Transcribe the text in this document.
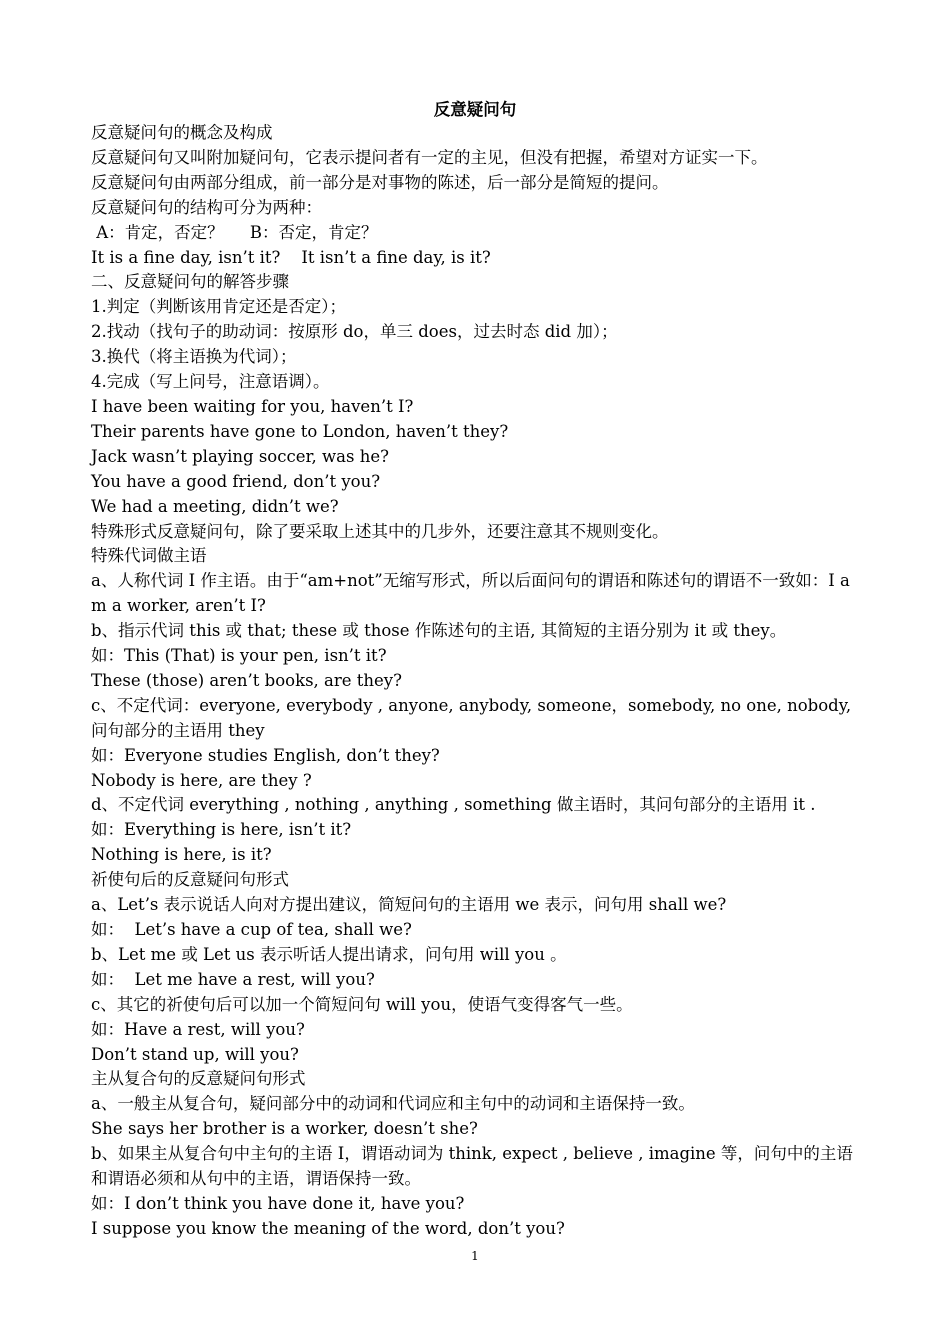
反意疑问句

反意疑问句的概念及构成

反意疑问句又叫附加疑问句，它表示提问者有一定的主见，但没有把握，希望对方证实一下。

反意疑问句由两部分组成，前一部分是对事物的陈述，后一部分是简短的提问。

反意疑问句的结构可分为两种：

A：肯定，否定？     B：否定，肯定？

It is a fine day, isn’t it?    It isn’t a fine day, is it?

二、反意疑问句的解答步骤

1.判定（判断该用肯定还是否定）；

2.找动（找句子的助动词：按原形 do，单三 does，过去时态 did 加）；

3.换代（将主语换为代词）；

4.完成（写上问号，注意语调）。

I have been waiting for you, haven’t I?

Their parents have gone to London, haven’t they?

Jack wasn’t playing soccer, was he?

You have a good friend, don’t you?

We had a meeting, didn’t we?

特殊形式反意疑问句，除了要采取上述其中的几步外，还要注意其不规则变化。

特殊代词做主语

a、人称代词 I 作主语。由于“am+not”无缩写形式，所以后面问句的谓语和陈述句的谓语不一致如：I am a worker, aren’t I?

b、指示代词 this 或 that; these 或 those 作陈述句的主语, 其简短的主语分别为 it 或 they。

如：This (That) is your pen, isn’t it?

These (those) aren’t books, are they?

c、不定代词：everyone, everybody , anyone, anybody, someone，somebody, no one, nobody,问句部分的主语用 they

如：Everyone studies English, don’t they?

Nobody is here, are they ?

d、不定代词 everything , nothing , anything , something 做主语时，其问句部分的主语用 it .

如：Everything is here, isn’t it?

Nothing is here, is it?

祈使句后的反意疑问句形式

a、Let’s 表示说话人向对方提出建议，简短问句的主语用 we 表示，问句用 shall we?

如：  Let’s have a cup of tea, shall we?

b、Let me 或 Let us 表示听话人提出请求，问句用 will you 。

如：  Let me have a rest, will you?

c、其它的祈使句后可以加一个简短问句 will you，使语气变得客气一些。

如：Have a rest, will you?

Don’t stand up, will you?

主从复合句的反意疑问句形式

a、一般主从复合句，疑问部分中的动词和代词应和主句中的动词和主语保持一致。

She says her brother is a worker, doesn’t she?

b、如果主从复合句中主句的主语 I，谓语动词为 think, expect , believe , imagine 等，问句中的主语和谓语必须和从句中的主语，谓语保持一致。

如：I don’t think you have done it, have you?

I suppose you know the meaning of the word, don’t you?

1
